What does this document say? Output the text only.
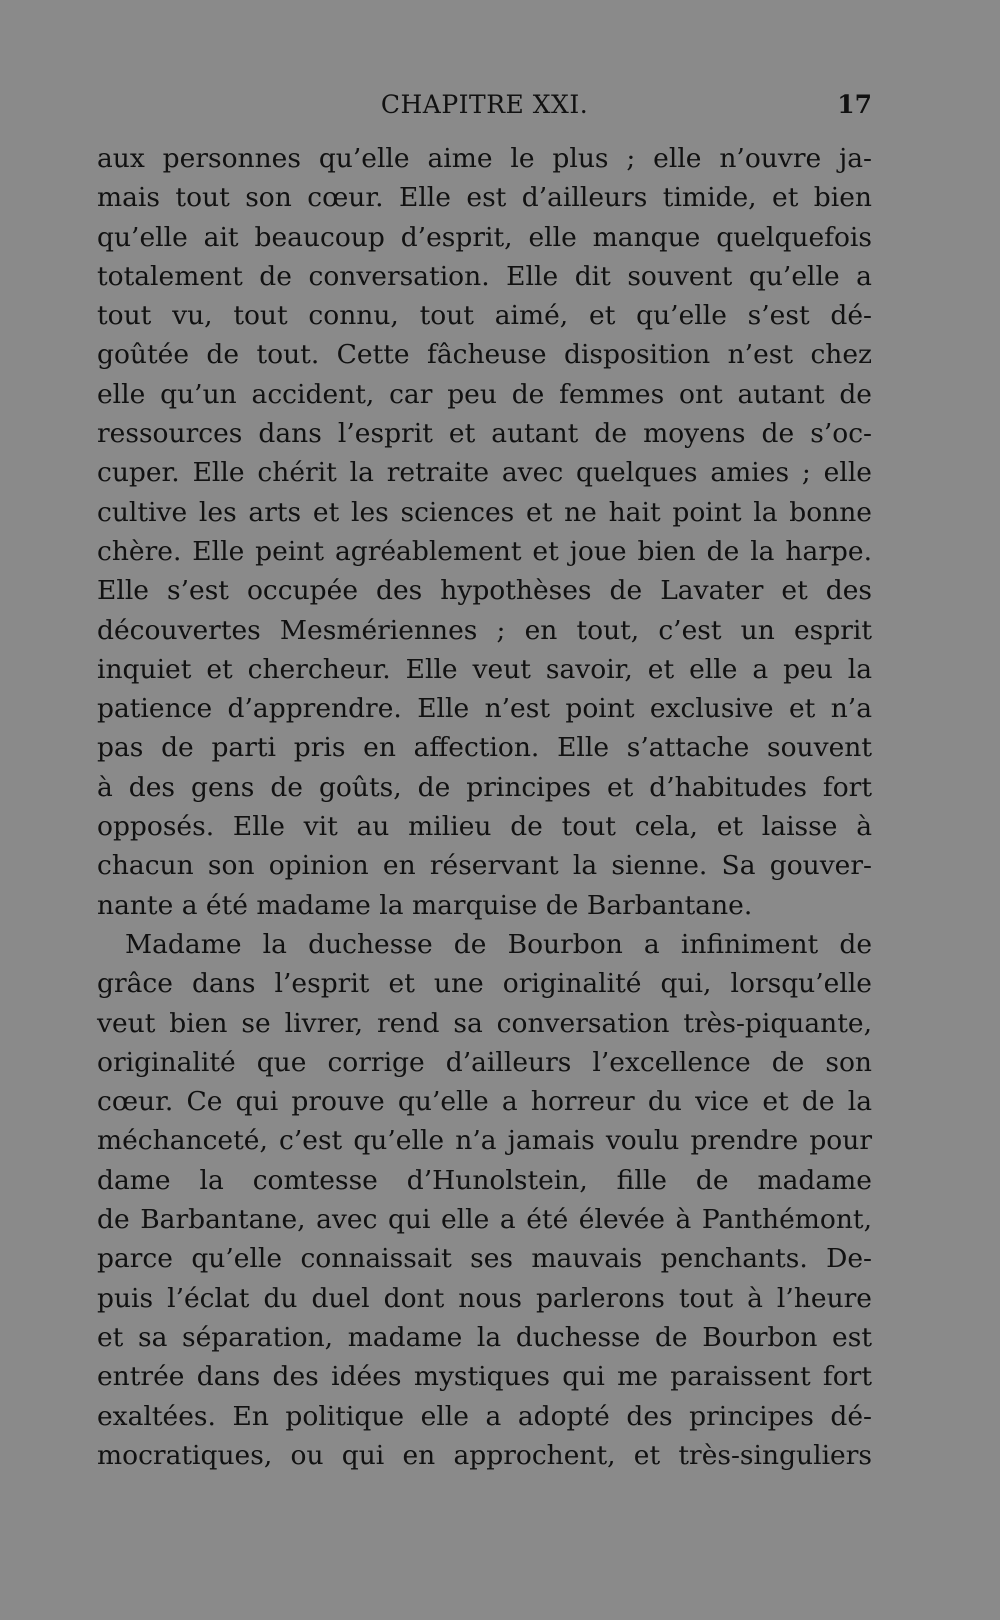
CHAPITRE XXI.	17
aux personnes qu’elle aime le plus ; elle n’ouvre ja-
mais tout son cœur. Elle est d’ailleurs timide, et bien
qu’elle ait beaucoup d’esprit, elle manque quelquefois
totalement de conversation. Elle dit souvent qu’elle a
tout vu, tout connu, tout aimé, et qu’elle s’est dé-
goûtée de tout. Cette fâcheuse disposition n’est chez
elle qu’un accident, car peu de femmes ont autant de
ressources dans l’esprit et autant de moyens de s’oc-
cuper. Elle chérit la retraite avec quelques amies ; elle
cultive les arts et les sciences et ne hait point la bonne
chère. Elle peint agréablement et joue bien de la harpe.
Elle s’est occupée des hypothèses de Lavater et des
découvertes Mesmériennes ; en tout, c’est un esprit
inquiet et chercheur. Elle veut savoir, et elle a peu la
patience d’apprendre. Elle n’est point exclusive et n’a
pas de parti pris en affection. Elle s’attache souvent
à des gens de goûts, de principes et d’habitudes fort
opposés. Elle vit au milieu de tout cela, et laisse à
chacun son opinion en réservant la sienne. Sa gouver-
nante a été madame la marquise de Barbantane.
Madame la duchesse de Bourbon a infiniment de
grâce dans l’esprit et une originalité qui, lorsqu’elle
veut bien se livrer, rend sa conversation très-piquante,
originalité que corrige d’ailleurs l’excellence de son
cœur. Ce qui prouve qu’elle a horreur du vice et de la
méchanceté, c’est qu’elle n’a jamais voulu prendre pour
dame la comtesse d’Hunolstein, fille de madame
de Barbantane, avec qui elle a été élevée à Panthémont,
parce qu’elle connaissait ses mauvais penchants. De-
puis l’éclat du duel dont nous parlerons tout à l’heure
et sa séparation, madame la duchesse de Bourbon est
entrée dans des idées mystiques qui me paraissent fort
exaltées. En politique elle a adopté des principes dé-
mocratiques, ou qui en approchent, et très-singuliers
